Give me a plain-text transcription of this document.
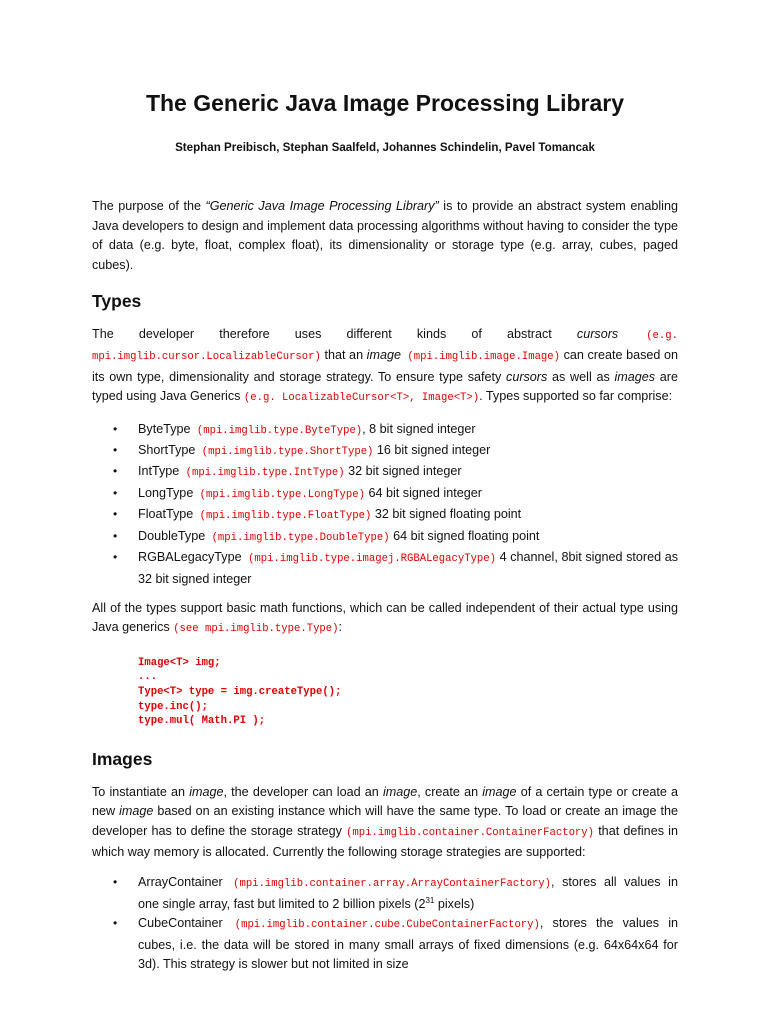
The Generic Java Image Processing Library
Stephan Preibisch, Stephan Saalfeld, Johannes Schindelin, Pavel Tomancak

The purpose of the “Generic Java Image Processing Library” is to provide an abstract system enabling Java developers to design and implement data processing algorithms without having to consider the type of data (e.g. byte, float, complex float), its dimensionality or storage type (e.g. array, cubes, paged cubes).

Types

The developer therefore uses different kinds of abstract cursors (e.g. mpi.imglib.cursor.LocalizableCursor) that an image (mpi.imglib.image.Image) can create based on its own type, dimensionality and storage strategy. To ensure type safety cursors as well as images are typed using Java Generics (e.g. LocalizableCursor<T>, Image<T>). Types supported so far comprise:

• ByteType (mpi.imglib.type.ByteType), 8 bit signed integer
• ShortType (mpi.imglib.type.ShortType) 16 bit signed integer
• IntType (mpi.imglib.type.IntType) 32 bit signed integer
• LongType (mpi.imglib.type.LongType) 64 bit signed integer
• FloatType (mpi.imglib.type.FloatType) 32 bit signed floating point
• DoubleType (mpi.imglib.type.DoubleType) 64 bit signed floating point
• RGBALegacyType (mpi.imglib.type.imagej.RGBALegacyType) 4 channel, 8bit signed stored as 32 bit signed integer

All of the types support basic math functions, which can be called independent of their actual type using Java generics (see mpi.imglib.type.Type):

Image<T> img;
...
Type<T> type = img.createType();
type.inc();
type.mul( Math.PI );
Images

To instantiate an image, the developer can load an image, create an image of a certain type or create a new image based on an existing instance which will have the same type. To load or create an image the developer has to define the storage strategy (mpi.imglib.container.ContainerFactory) that defines in which way memory is allocated. Currently the following storage strategies are supported:

• ArrayContainer (mpi.imglib.container.array.ArrayContainerFactory), stores all values in one single array, fast but limited to 2 billion pixels ($2^{31}$ pixels)
• CubeContainer (mpi.imglib.container.cube.CubeContainerFactory), stores the values in cubes, i.e. the data will be stored in many small arrays of fixed dimensions (e.g. 64x64x64 for 3d). This strategy is slower but not limited in size
